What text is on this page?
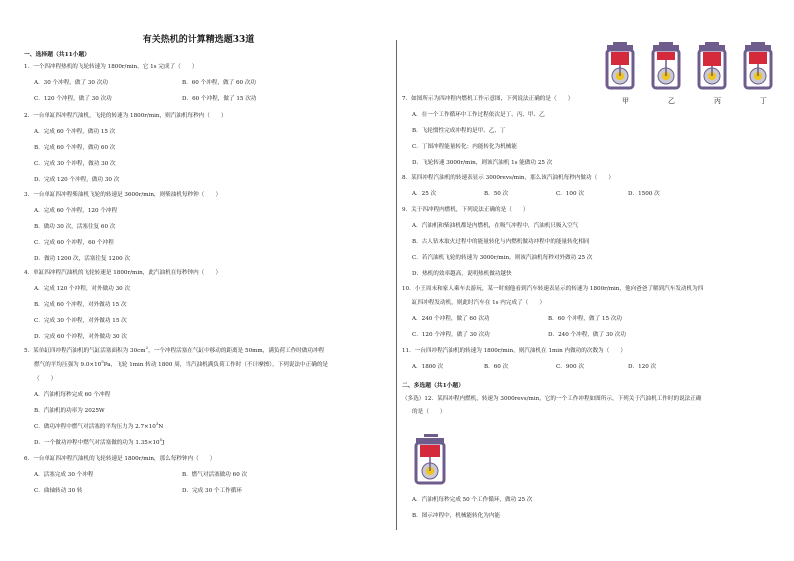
有关热机的计算精选题33道
一、选择题（共11小题）

1．一个四冲程热机的飞轮转速为 1800r/min，它 1s 完成了（　　）

A．30 个冲程，做了 30 次功	B．60 个冲程，做了 60 次功

C．120 个冲程，做了 30 次功	D．60 个冲程，做了 15 次功

2．一台单缸四冲程汽油机，飞轮的转速为 1800r/min，则汽油机每秒内（　　）

A．完成 60 个冲程，做功 15 次

B．完成 60 个冲程，做功 60 次

C．完成 30 个冲程，做功 30 次

D．完成 120 个冲程，做功 30 次

3．一台单缸四冲程柴油机飞轮的转速是 3600r/min，则柴油机每秒钟（　　）

A．完成 60 个冲程，120 个冲程

B．做功 30 次，活塞往复 60 次

C．完成 60 个冲程，60 个冲程

D．做功 1200 次，活塞往复 1200 次

4．单缸四冲程汽油机的飞轮转速是 1800r/min，此汽油机在每秒钟内（　　）

A．完成 120 个冲程，对外做功 30 次

B．完成 60 个冲程，对外做功 15 次

C．完成 30 个冲程，对外做功 15 次

D．完成 60 个冲程，对外做功 30 次

5．某单缸四冲程汽油机的气缸活塞面积为 $30cm^2$，一个冲程活塞在气缸中移动的距离是 50mm，满负荷工作时做功冲程

燃气的平均压强为 $9.0\times 10^5Pa$，飞轮 1min 转动 1800 周，当汽油机满负荷工作时（不计摩擦），下列说法中正确的是

（　　）

A．汽油机每秒完成 60 个冲程

B．汽油机的功率为 2025W

C．做功冲程中燃气对活塞的平均压力为 $2.7\times 10^3N$

D．一个做功冲程中燃气对活塞做的功为 $1.35\times 10^5J$

6．一台单缸四冲程汽油机的飞轮转速是 1800r/min，那么每秒钟内（　　）

A．活塞完成 30 个冲程	B．燃气对活塞做功 60 次

C．曲轴转动 30 转	D．完成 30 个工作循环

甲	乙	丙	丁

7．如图所示为四冲程内燃机工作示意图，下列说法正确的是（　　）

A．在一个工作循环中工作过程依次是丁、丙、甲、乙

B．飞轮惯性完成冲程的是甲、乙、丁

C．丁图冲程能量转化：内能转化为机械能

D．飞轮转速 3000r/min，则该汽油机 1s 能做功 25 次

8．某四冲程汽油机的转速表显示 3000revs/min，那么该汽油机每秒内做功（　　）

A．25 次	B．50 次	C．100 次	D．1500 次

9．关于四冲程内燃机，下列说法正确的是（　　）

A．汽油机和柴油机都是内燃机，在吸气冲程中，汽油机只吸入空气

B．古人钻木取火过程中的能量转化与内燃机做功冲程中的能量转化相同

C．若汽油机飞轮的转速为 3000r/min，则该汽油机每秒对外做功 25 次

D．热机的效率越高，说明热机做功越快

10．小王周末和家人乘车去游玩，某一时刻他看到汽车转速表显示的转速为 1800r/min，他向爸爸了解到汽车发动机为四

缸四冲程发动机，则此时汽车在 1s 内完成了（　　）

A．240 个冲程，做了 60 次功	B．60 个冲程，做了 15 次功

C．120 个冲程，做了 30 次功	D．240 个冲程，做了 30 次功

11．一台四冲程汽油机的转速为 1800r/min，则汽油机在 1min 内做功的次数为（　　）

A．1800 次	B．60 次	C．900 次	D．120 次

二、多选题（共1小题）

（多选）12．某四冲程内燃机，转速为 3000revs/min，它的一个工作冲程如图所示，下列关于汽油机工作时的说法正确

的是（　　）

A．汽油机每秒完成 50 个工作循环，做功 25 次

B．图示冲程中，机械能转化为内能
